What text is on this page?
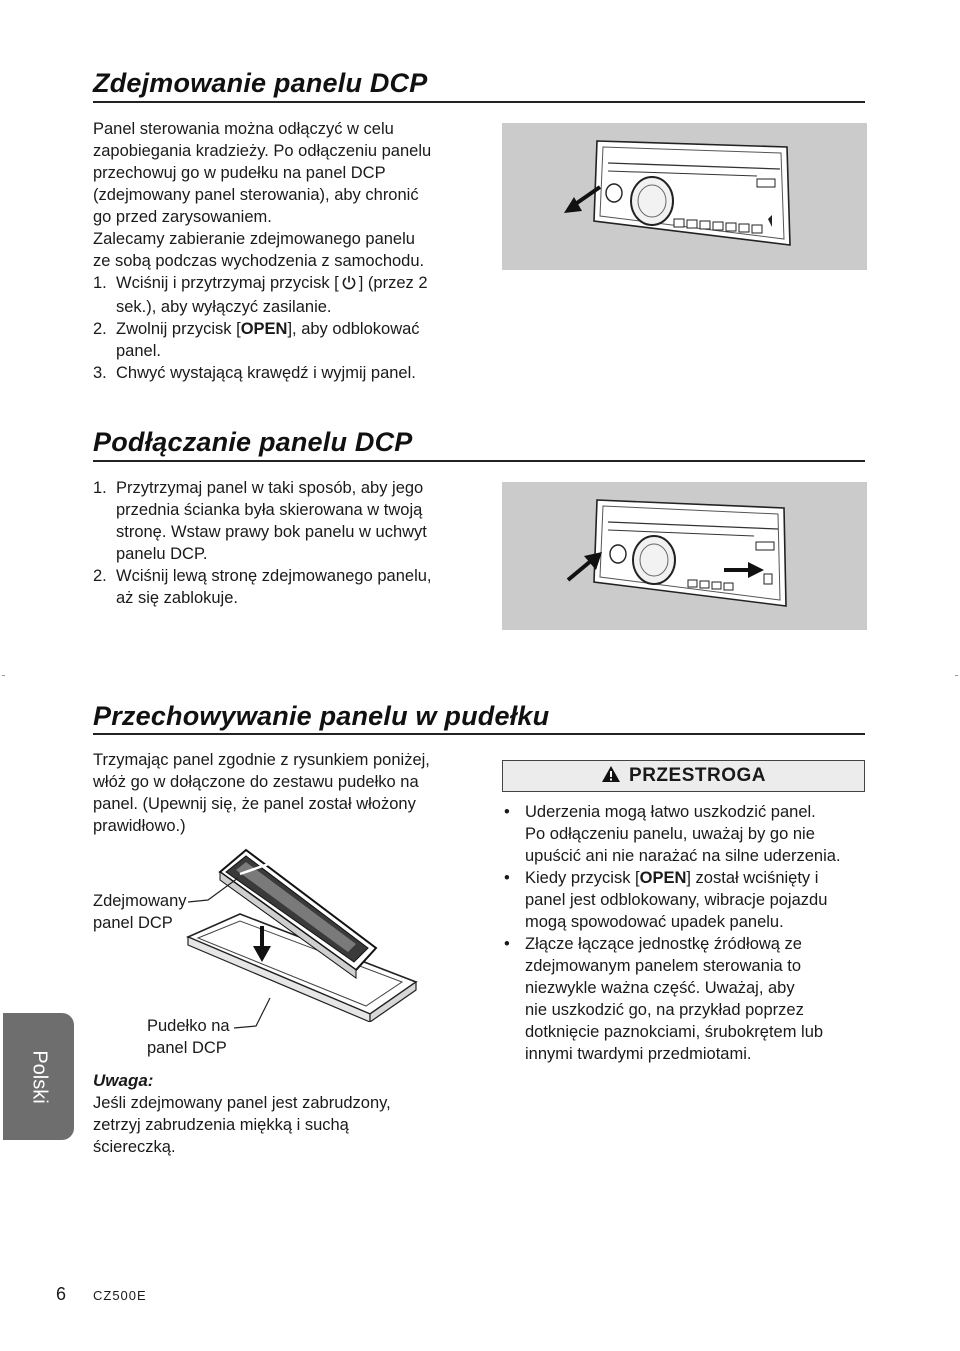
Zdejmowanie panelu DCP

Panel sterowania można odłączyć w celu

zapobiegania kradzieży. Po odłączeniu panelu

przechowuj go w pudełku na panel DCP

(zdejmowany panel sterowania), aby chronić

go przed zarysowaniem.

Zalecamy zabieranie zdejmowanego panelu

ze sobą podczas wychodzenia z samochodu.

1. Wciśnij i przytrzymaj przycisk [ ] (przez 2
sek.), aby wyłączyć zasilanie.
2. Zwolnij przycisk [OPEN], aby odblokować
panel.
3. Chwyć wystającą krawędź i wyjmij panel.
Podłączanie panelu DCP
1. Przytrzymaj panel w taki sposób, aby jego
przednia ścianka była skierowana w twoją
stronę. Wstaw prawy bok panelu w uchwyt
panelu DCP.
2. Wciśnij lewą stronę zdejmowanego panelu,
aż się zablokuje.
Przechowywanie panelu w pudełku

Trzymając panel zgodnie z rysunkiem poniżej,

włóż go w dołączone do zestawu pudełko na

panel. (Upewnij się, że panel został włożony

prawidłowo.)

Zdejmowany
panel DCP
Pudełko na
panel DCP
Uwaga:
Jeśli zdejmowany panel jest zabrudzony,
zetrzyj zabrudzenia miękką i suchą
ściereczką.
PRZESTROGA
• Uderzenia mogą łatwo uszkodzić panel.
Po odłączeniu panelu, uważaj by go nie
upuścić ani nie narażać na silne uderzenia.
• Kiedy przycisk [OPEN] został wciśnięty i
panel jest odblokowany, wibracje pojazdu
mogą spowodować upadek panelu.
• Złącze łączące jednostkę źródłową ze
zdejmowanym panelem sterowania to
niezwykle ważna część. Uważaj, aby
nie uszkodzić go, na przykład poprzez
dotknięcie paznokciami, śrubokrętem lub
innymi twardymi przedmiotami.
Polski
6 CZ500E
